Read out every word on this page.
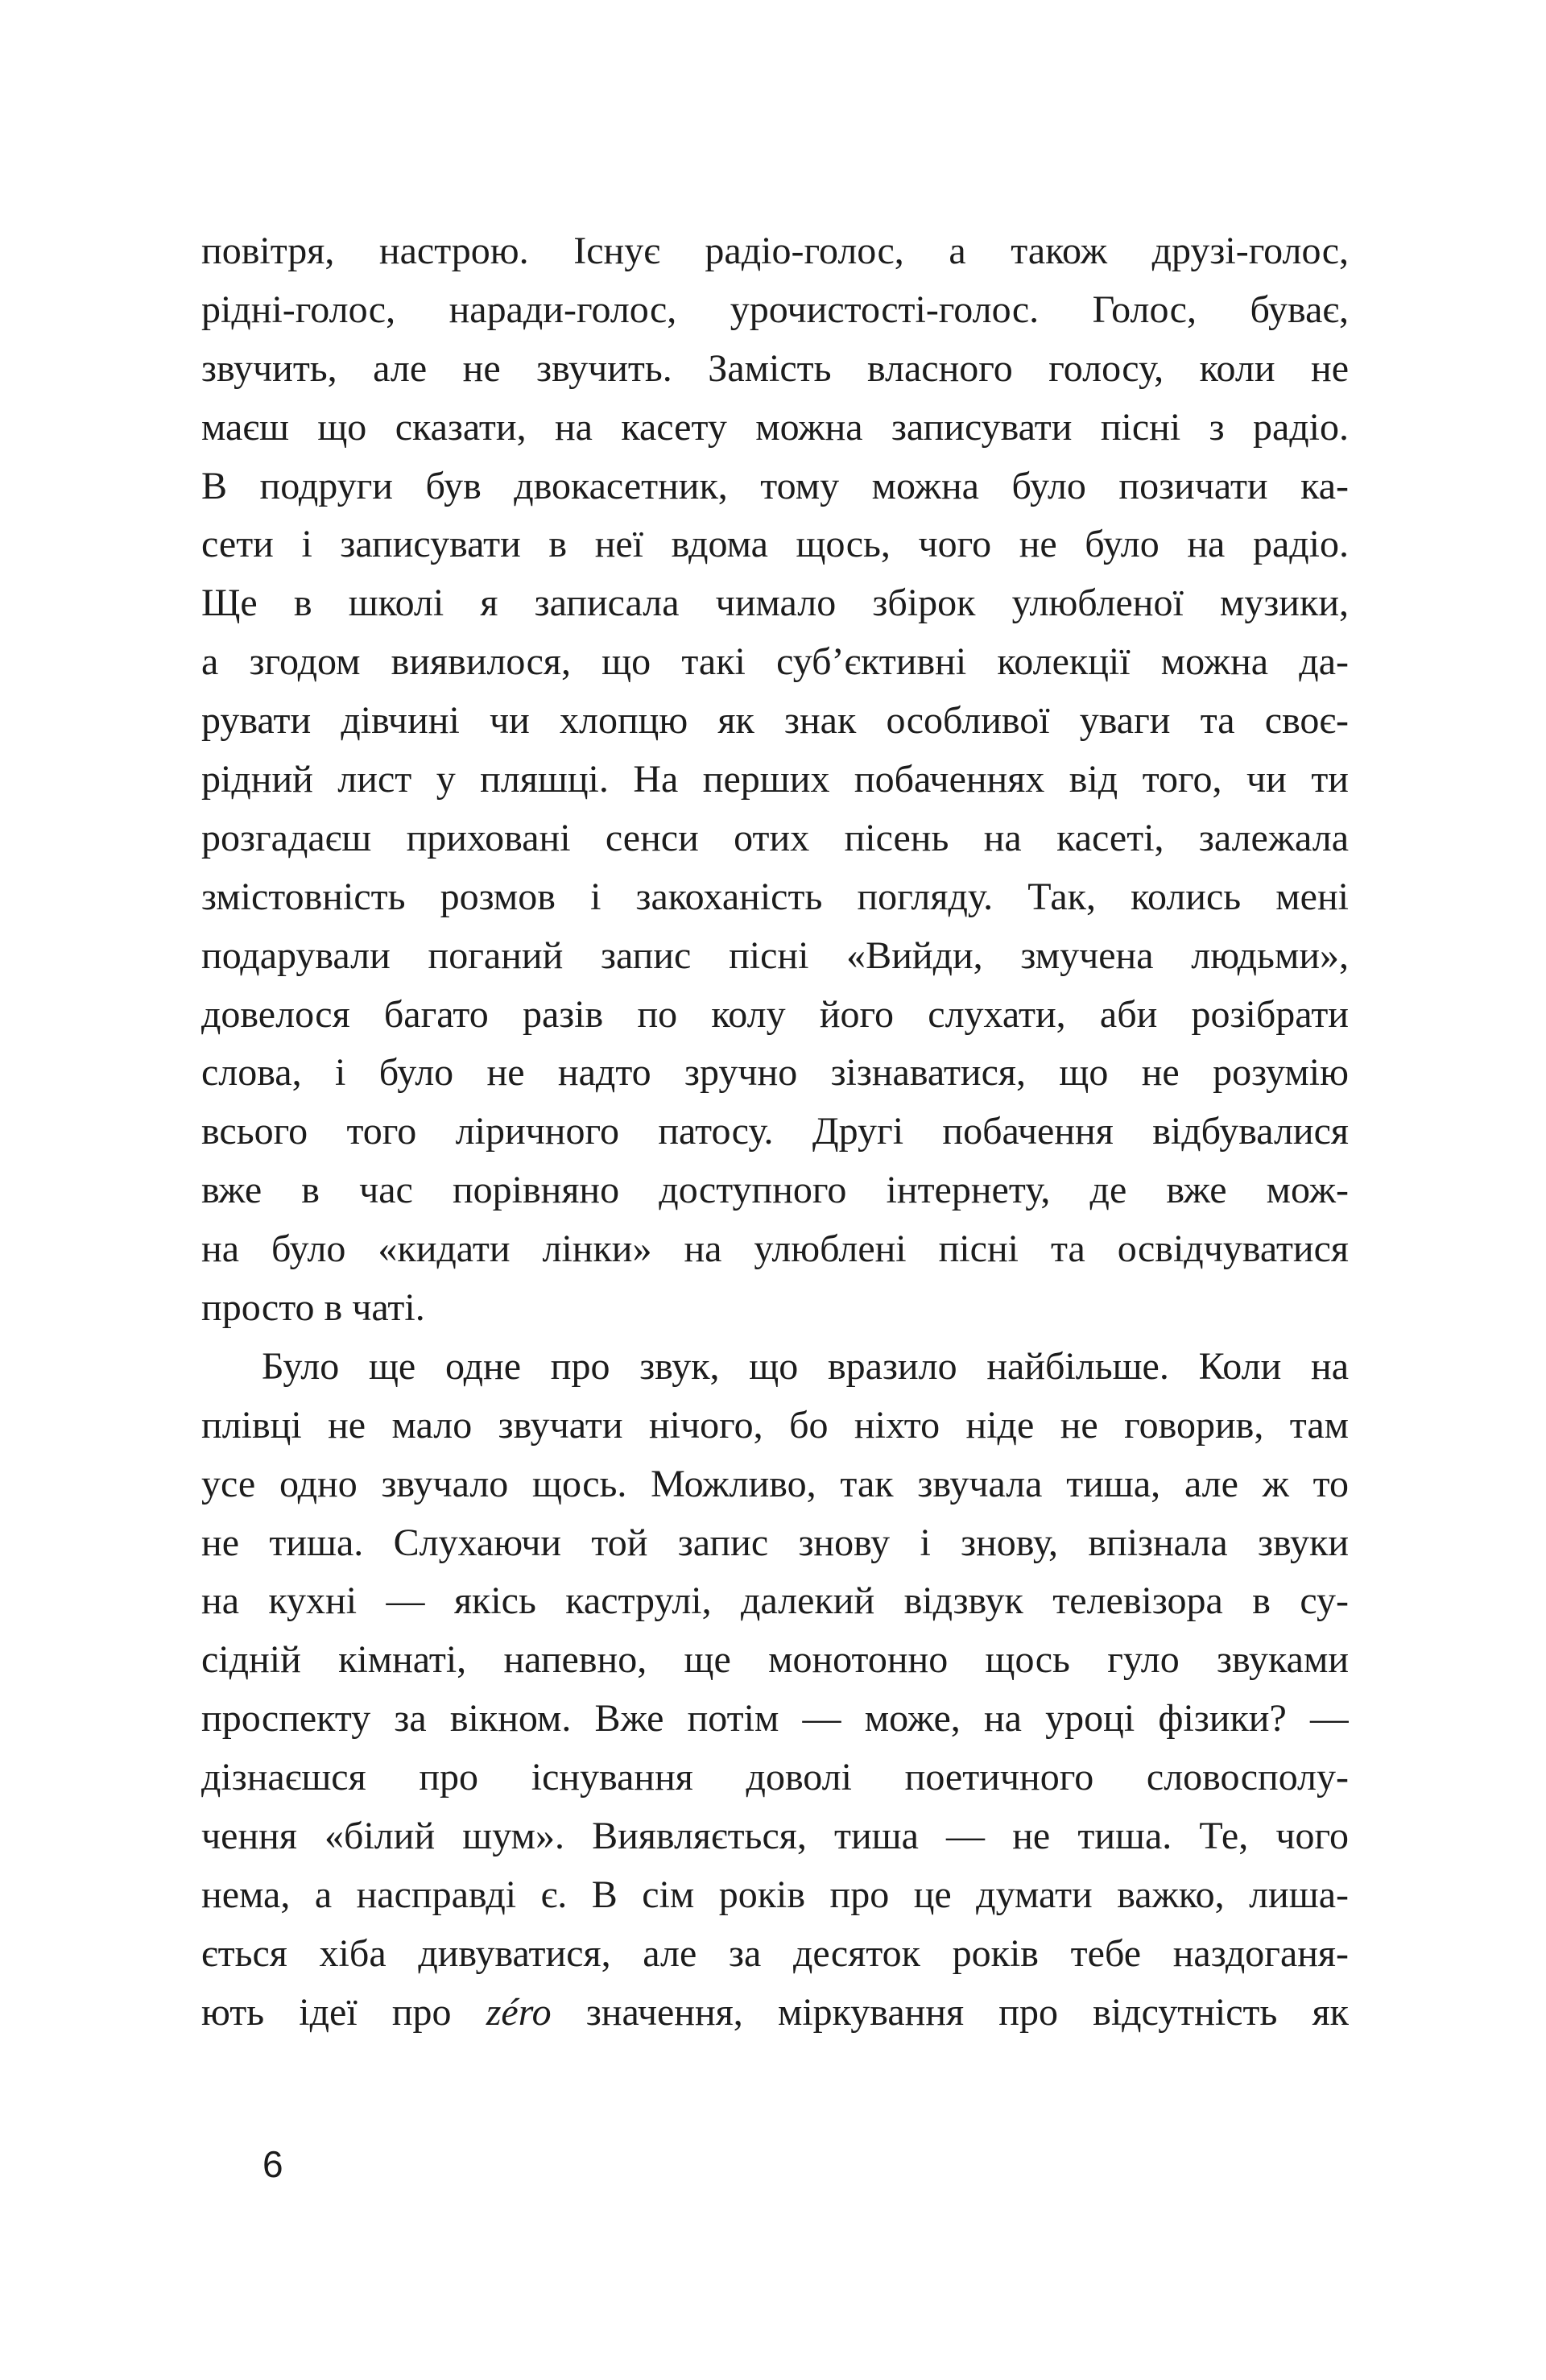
повітря, настрою. Існує радіо-голос, а також друзі-голос,
рідні-голос, наради-голос, урочистості-голос. Голос, буває,
звучить, але не звучить. Замість власного голосу, коли не
маєш що сказати, на касету можна записувати пісні з радіо.
В подруги був двокасетник, тому можна було позичати ка-
сети і записувати в неї вдома щось, чого не було на радіо.
Ще в школі я записала чимало збірок улюбленої музики,
а згодом виявилося, що такі суб’єктивні колекції можна да-
рувати дівчині чи хлопцю як знак особливої уваги та своє-
рідний лист у пляшці. На перших побаченнях від того, чи ти
розгадаєш приховані сенси отих пісень на касеті, залежала
змістовність розмов і закоханість погляду. Так, колись мені
подарували поганий запис пісні «Вийди, змучена людьми»,
довелося багато разів по колу його слухати, аби розібрати
слова, і було не надто зручно зізнаватися, що не розумію
всього того ліричного патосу. Другі побачення відбувалися
вже в час порівняно доступного інтернету, де вже мож-
на було «кидати лінки» на улюблені пісні та освідчуватися
просто в чаті.
Було ще одне про звук, що вразило найбільше. Коли на
плівці не мало звучати нічого, бо ніхто ніде не говорив, там
усе одно звучало щось. Можливо, так звучала тиша, але ж то
не тиша. Слухаючи той запис знову і знову, впізнала звуки
на кухні — якісь каструлі, далекий відзвук телевізора в су-
сідній кімнаті, напевно, ще монотонно щось гуло звуками
проспекту за вікном. Вже потім — може, на уроці фізики? —
дізнаєшся про існування доволі поетичного словосполу-
чення «білий шум». Виявляється, тиша — не тиша. Те, чого
нема, а насправді є. В сім років про це думати важко, лиша-
ється хіба дивуватися, але за десяток років тебе наздоганя-
ють ідеї про zéro значення, міркування про відсутність як
6
